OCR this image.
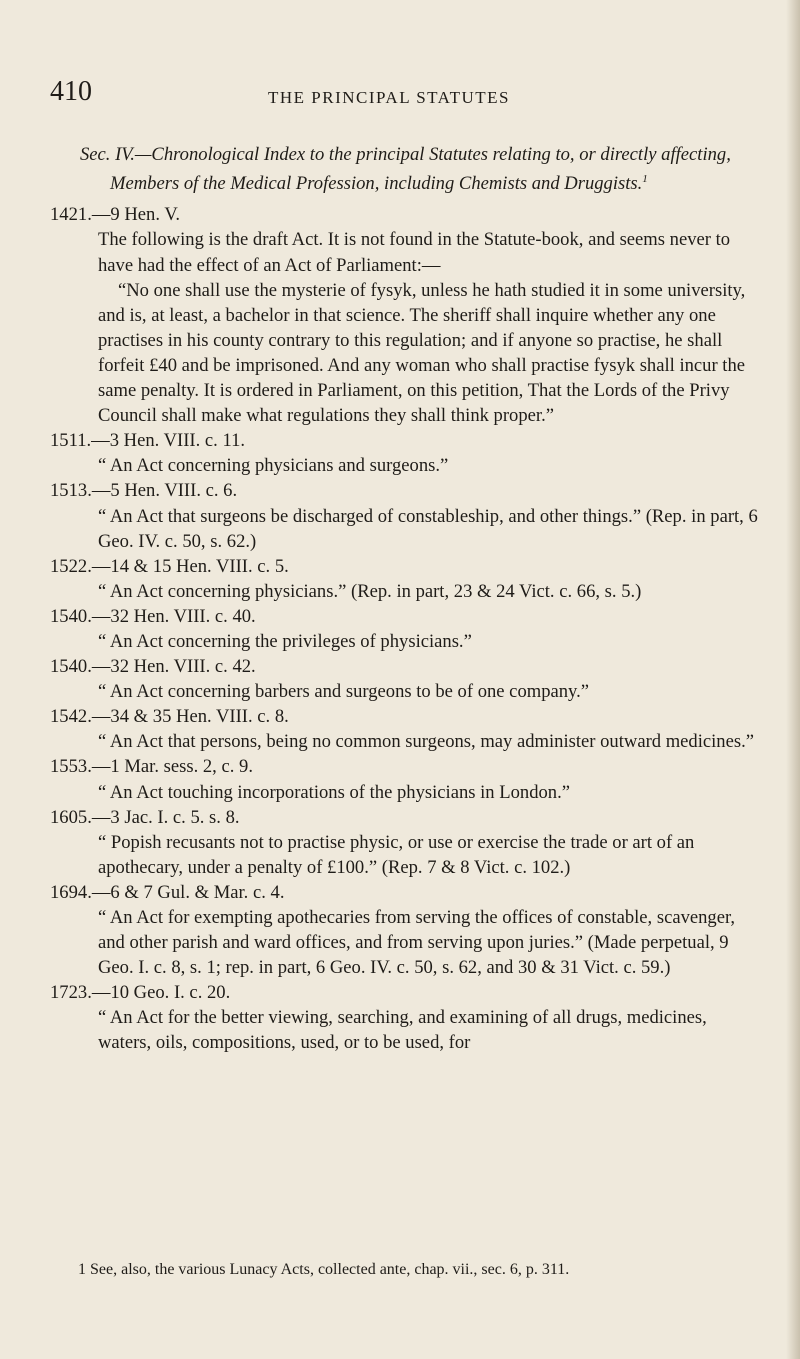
410	THE PRINCIPAL STATUTES

Sec. IV.—Chronological Index to the principal Statutes relating to, or directly affecting, Members of the Medical Profession, including Chemists and Druggists.$^1$

1421.—9 Hen. V.

The following is the draft Act. It is not found in the Statute-book, and seems never to have had the effect of an Act of Parliament:—
“No one shall use the mysterie of fysyk, unless he hath studied it in some university, and is, at least, a bachelor in that science. The sheriff shall inquire whether any one practises in his county contrary to this regulation; and if anyone so practise, he shall forfeit £40 and be imprisoned. And any woman who shall practise fysyk shall incur the same penalty. It is ordered in Parliament, on this petition, That the Lords of the Privy Council shall make what regulations they shall think proper.”

1511.—3 Hen. VIII. c. 11.

“ An Act concerning physicians and surgeons.”

1513.—5 Hen. VIII. c. 6.

“ An Act that surgeons be discharged of constableship, and other things.” (Rep. in part, 6 Geo. IV. c. 50, s. 62.)

1522.—14 & 15 Hen. VIII. c. 5.

“ An Act concerning physicians.” (Rep. in part, 23 & 24 Vict. c. 66, s. 5.)

1540.—32 Hen. VIII. c. 40.

“ An Act concerning the privileges of physicians.”

1540.—32 Hen. VIII. c. 42.

“ An Act concerning barbers and surgeons to be of one company.”

1542.—34 & 35 Hen. VIII. c. 8.

“ An Act that persons, being no common surgeons, may administer outward medicines.”

1553.—1 Mar. sess. 2, c. 9.

“ An Act touching incorporations of the physicians in London.”

1605.—3 Jac. I. c. 5. s. 8.

“ Popish recusants not to practise physic, or use or exercise the trade or art of an apothecary, under a penalty of £100.” (Rep. 7 & 8 Vict. c. 102.)

1694.—6 & 7 Gul. & Mar. c. 4.

“ An Act for exempting apothecaries from serving the offices of constable, scavenger, and other parish and ward offices, and from serving upon juries.” (Made perpetual, 9 Geo. I. c. 8, s. 1; rep. in part, 6 Geo. IV. c. 50, s. 62, and 30 & 31 Vict. c. 59.)

1723.—10 Geo. I. c. 20.

“ An Act for the better viewing, searching, and examining of all drugs, medicines, waters, oils, compositions, used, or to be used, for

1 See, also, the various Lunacy Acts, collected ante, chap. vii., sec. 6, p. 311.
